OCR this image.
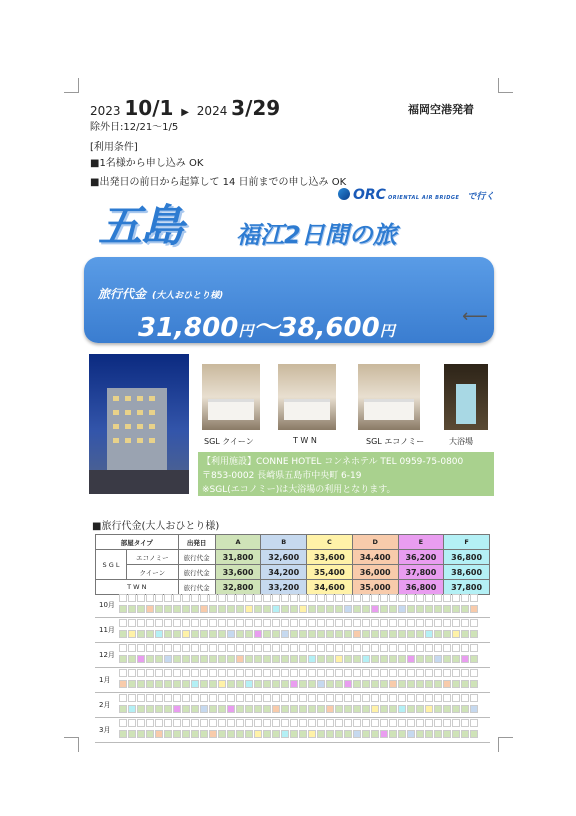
2023 10/1 ▶ 2024 3/29	福岡空港発着
除外日:12/21〜1/5
[利用条件]
■1名様から申し込み OK
■出発日の前日から起算して 14 日前までの申し込み OK
ORC ORIENTAL AIR BRIDGE で行く
五島 福江2日間の旅
旅行代金 (大人おひとり様)
31,800円〜38,600円
⟵
SGL クイーン	T W N	SGL エコノミー	大浴場
【利用施設】CONNE HOTEL コンネホテル TEL 0959-75-0800
〒853-0002 長崎県五島市中央町 6-19
※SGL(エコノミー)は大浴場の利用となります。
■旅行代金(大人おひとり様)
部屋タイプ		出発日	A	B	C	D	E	F
S G L	エコノミー	旅行代金	31,800	32,600	33,600	34,400	36,200	36,800
	クイーン	旅行代金	33,600	34,200	35,400	36,000	37,800	38,600
T W N		旅行代金	32,800	33,200	34,600	35,000	36,800	37,800
10月
11月
12月
1月
2月
3月
